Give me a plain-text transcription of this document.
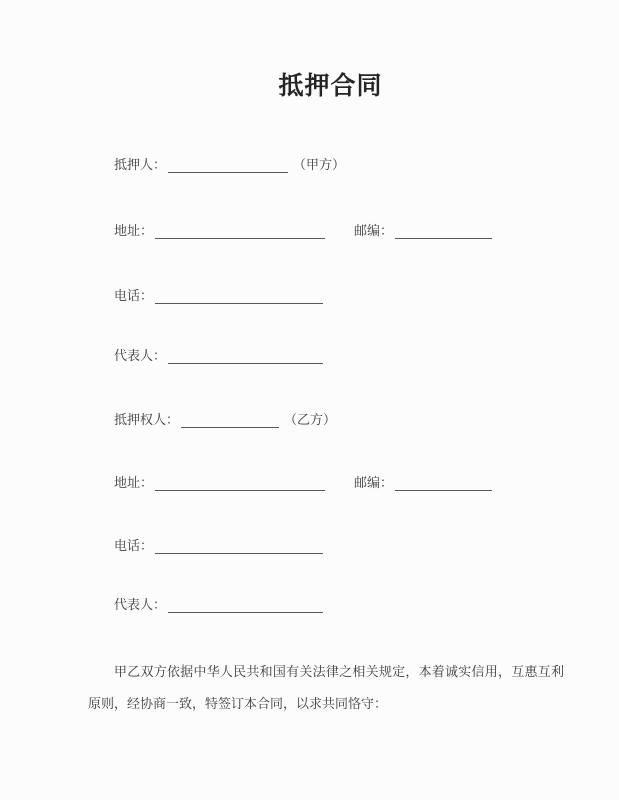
抵押合同
抵押人：	（甲方）
地址：	邮编：
电话：
代表人：
抵押权人：	（乙方）
地址：	邮编：
电话：
代表人：

甲乙双方依据中华人民共和国有关法律之相关规定，本着诚实信用，互惠互利原则，经协商一致，特签订本合同，以求共同恪守：
